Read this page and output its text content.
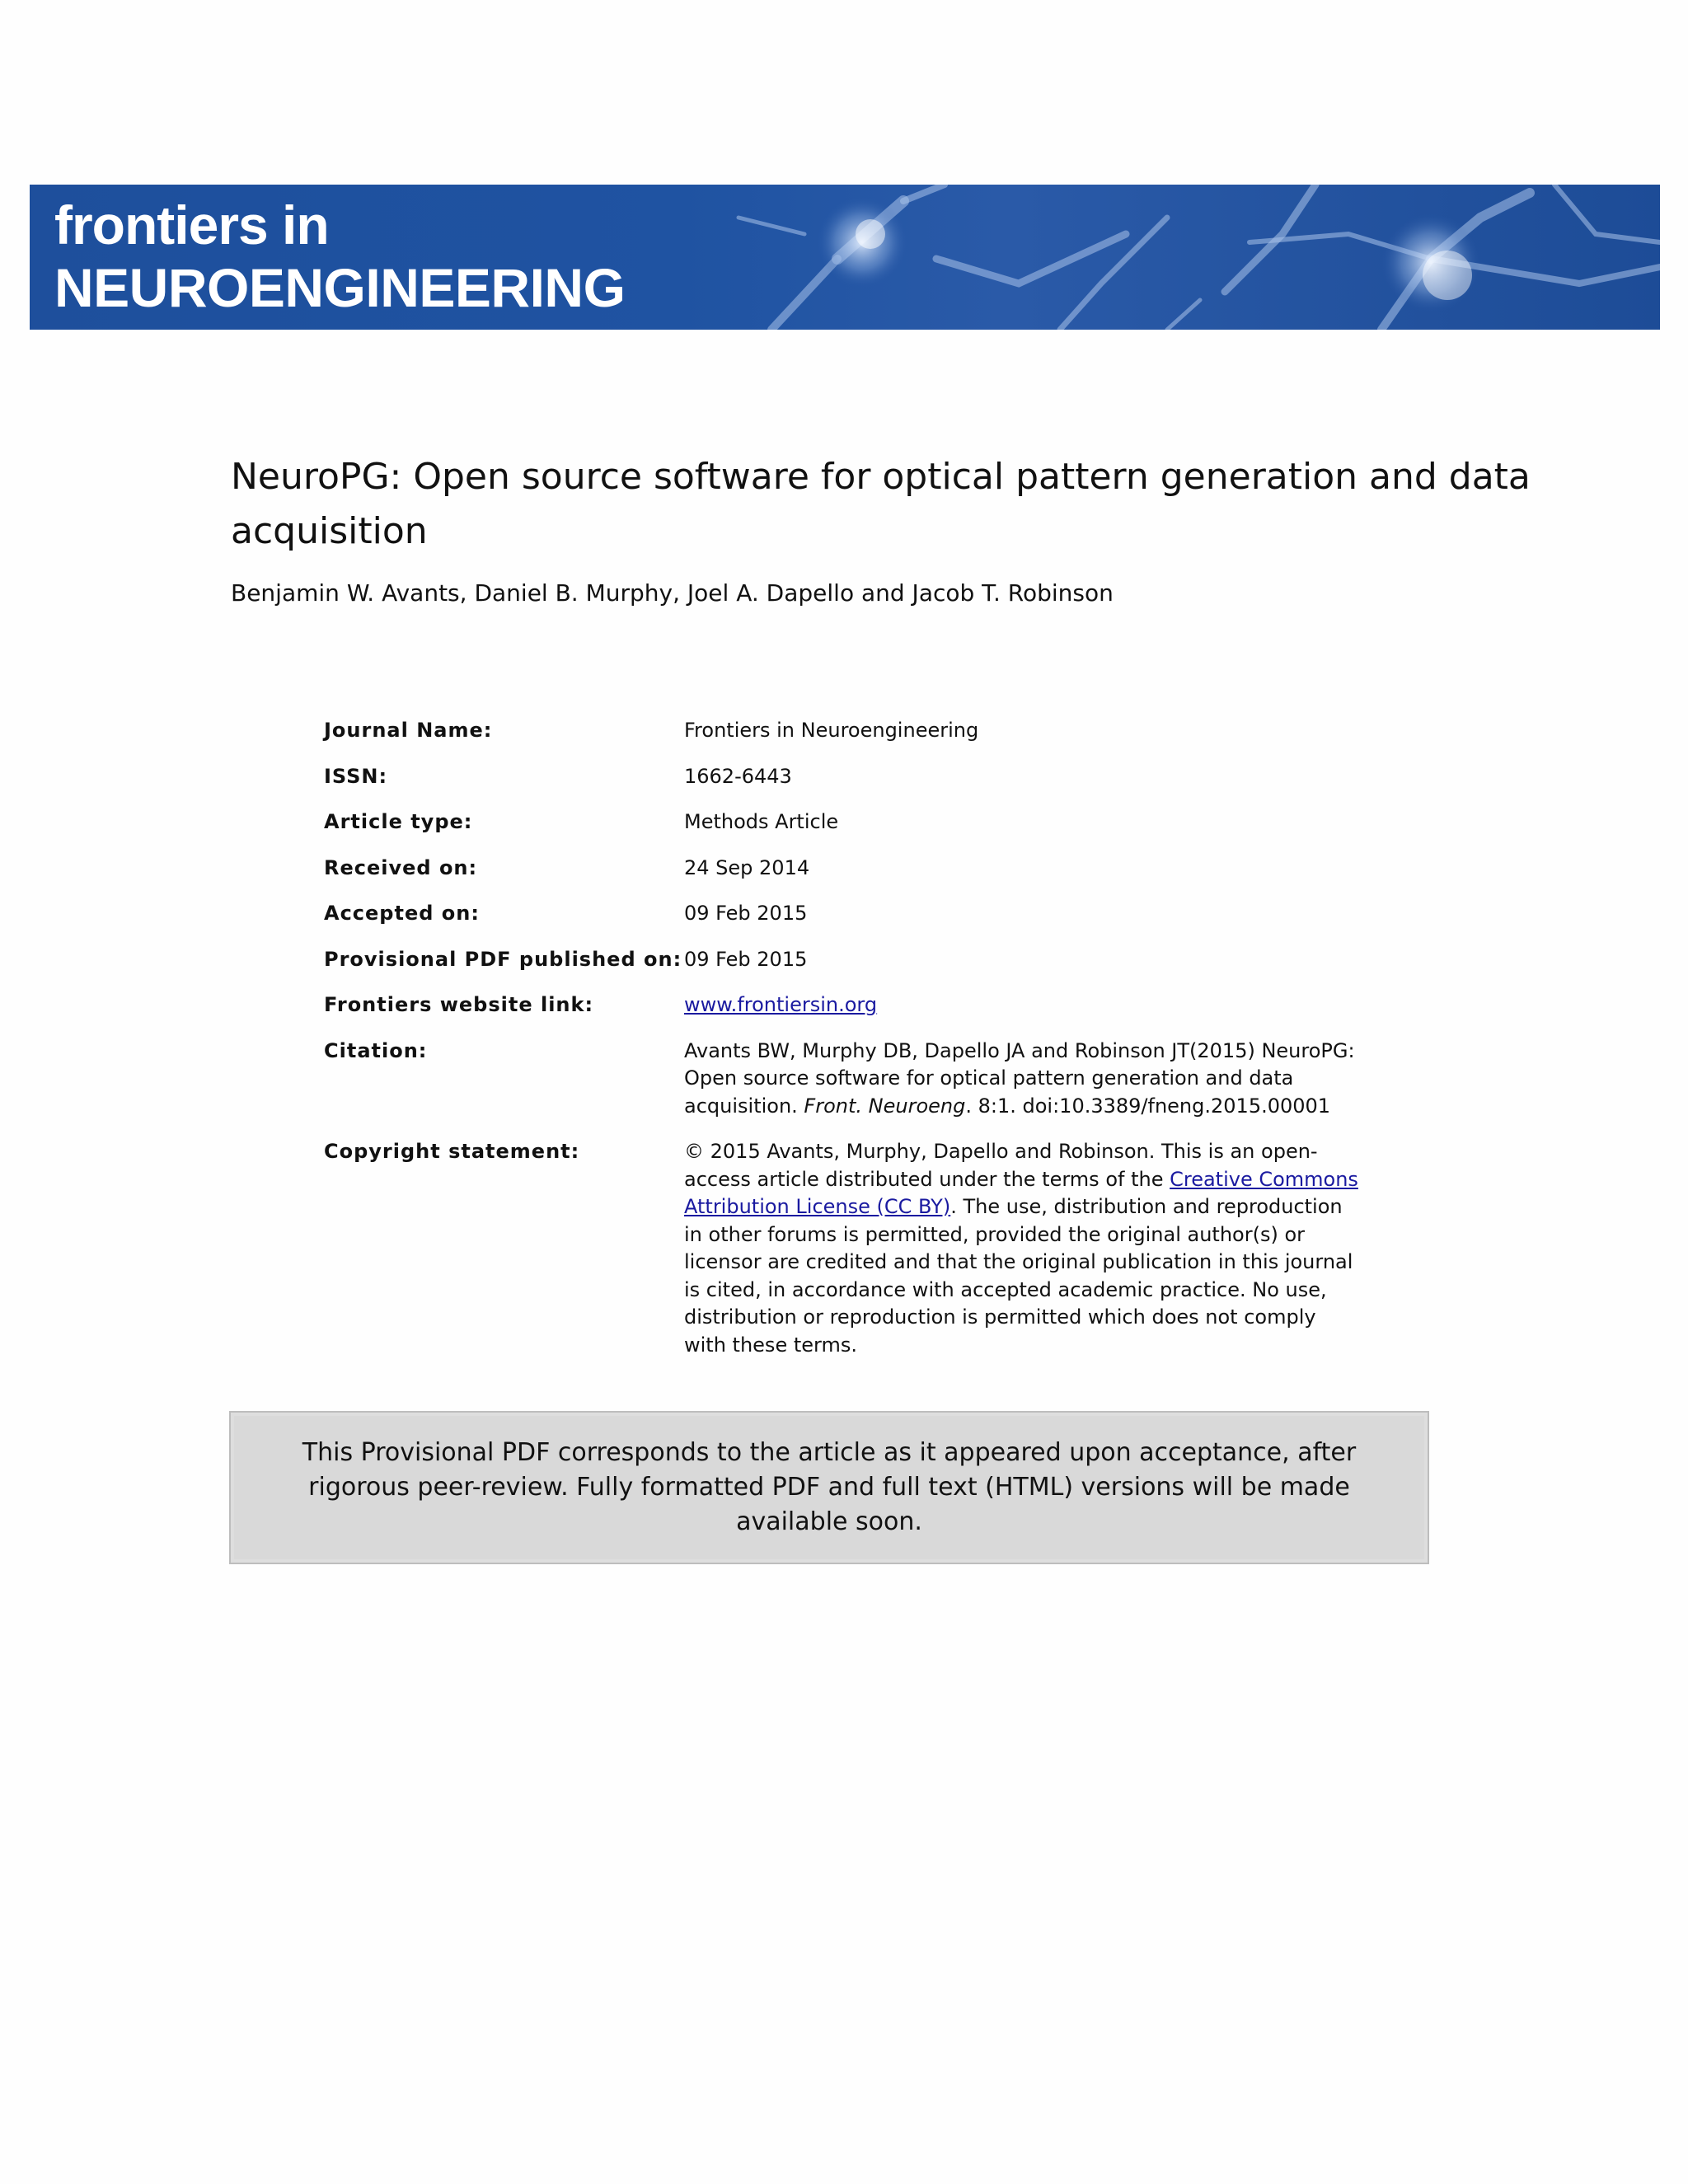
frontiers in
NEUROENGINEERING
NeuroPG: Open source software for optical pattern generation and data acquisition
Benjamin W. Avants, Daniel B. Murphy, Joel A. Dapello and Jacob T. Robinson
Journal Name:	Frontiers in Neuroengineering
ISSN:	1662-6443
Article type:	Methods Article
Received on:	24 Sep 2014
Accepted on:	09 Feb 2015
Provisional PDF published on: 09 Feb 2015
Frontiers website link:	www.frontiersin.org
Citation:	Avants BW, Murphy DB, Dapello JA and Robinson JT(2015) NeuroPG: Open source software for optical pattern generation and data acquisition. Front. Neuroeng. 8:1. doi:10.3389/fneng.2015.00001
Copyright statement:	© 2015 Avants, Murphy, Dapello and Robinson. This is an open-access article distributed under the terms of the Creative Commons Attribution License (CC BY). The use, distribution and reproduction in other forums is permitted, provided the original author(s) or licensor are credited and that the original publication in this journal is cited, in accordance with accepted academic practice. No use, distribution or reproduction is permitted which does not comply with these terms.

This Provisional PDF corresponds to the article as it appeared upon acceptance, after rigorous peer-review. Fully formatted PDF and full text (HTML) versions will be made available soon.
